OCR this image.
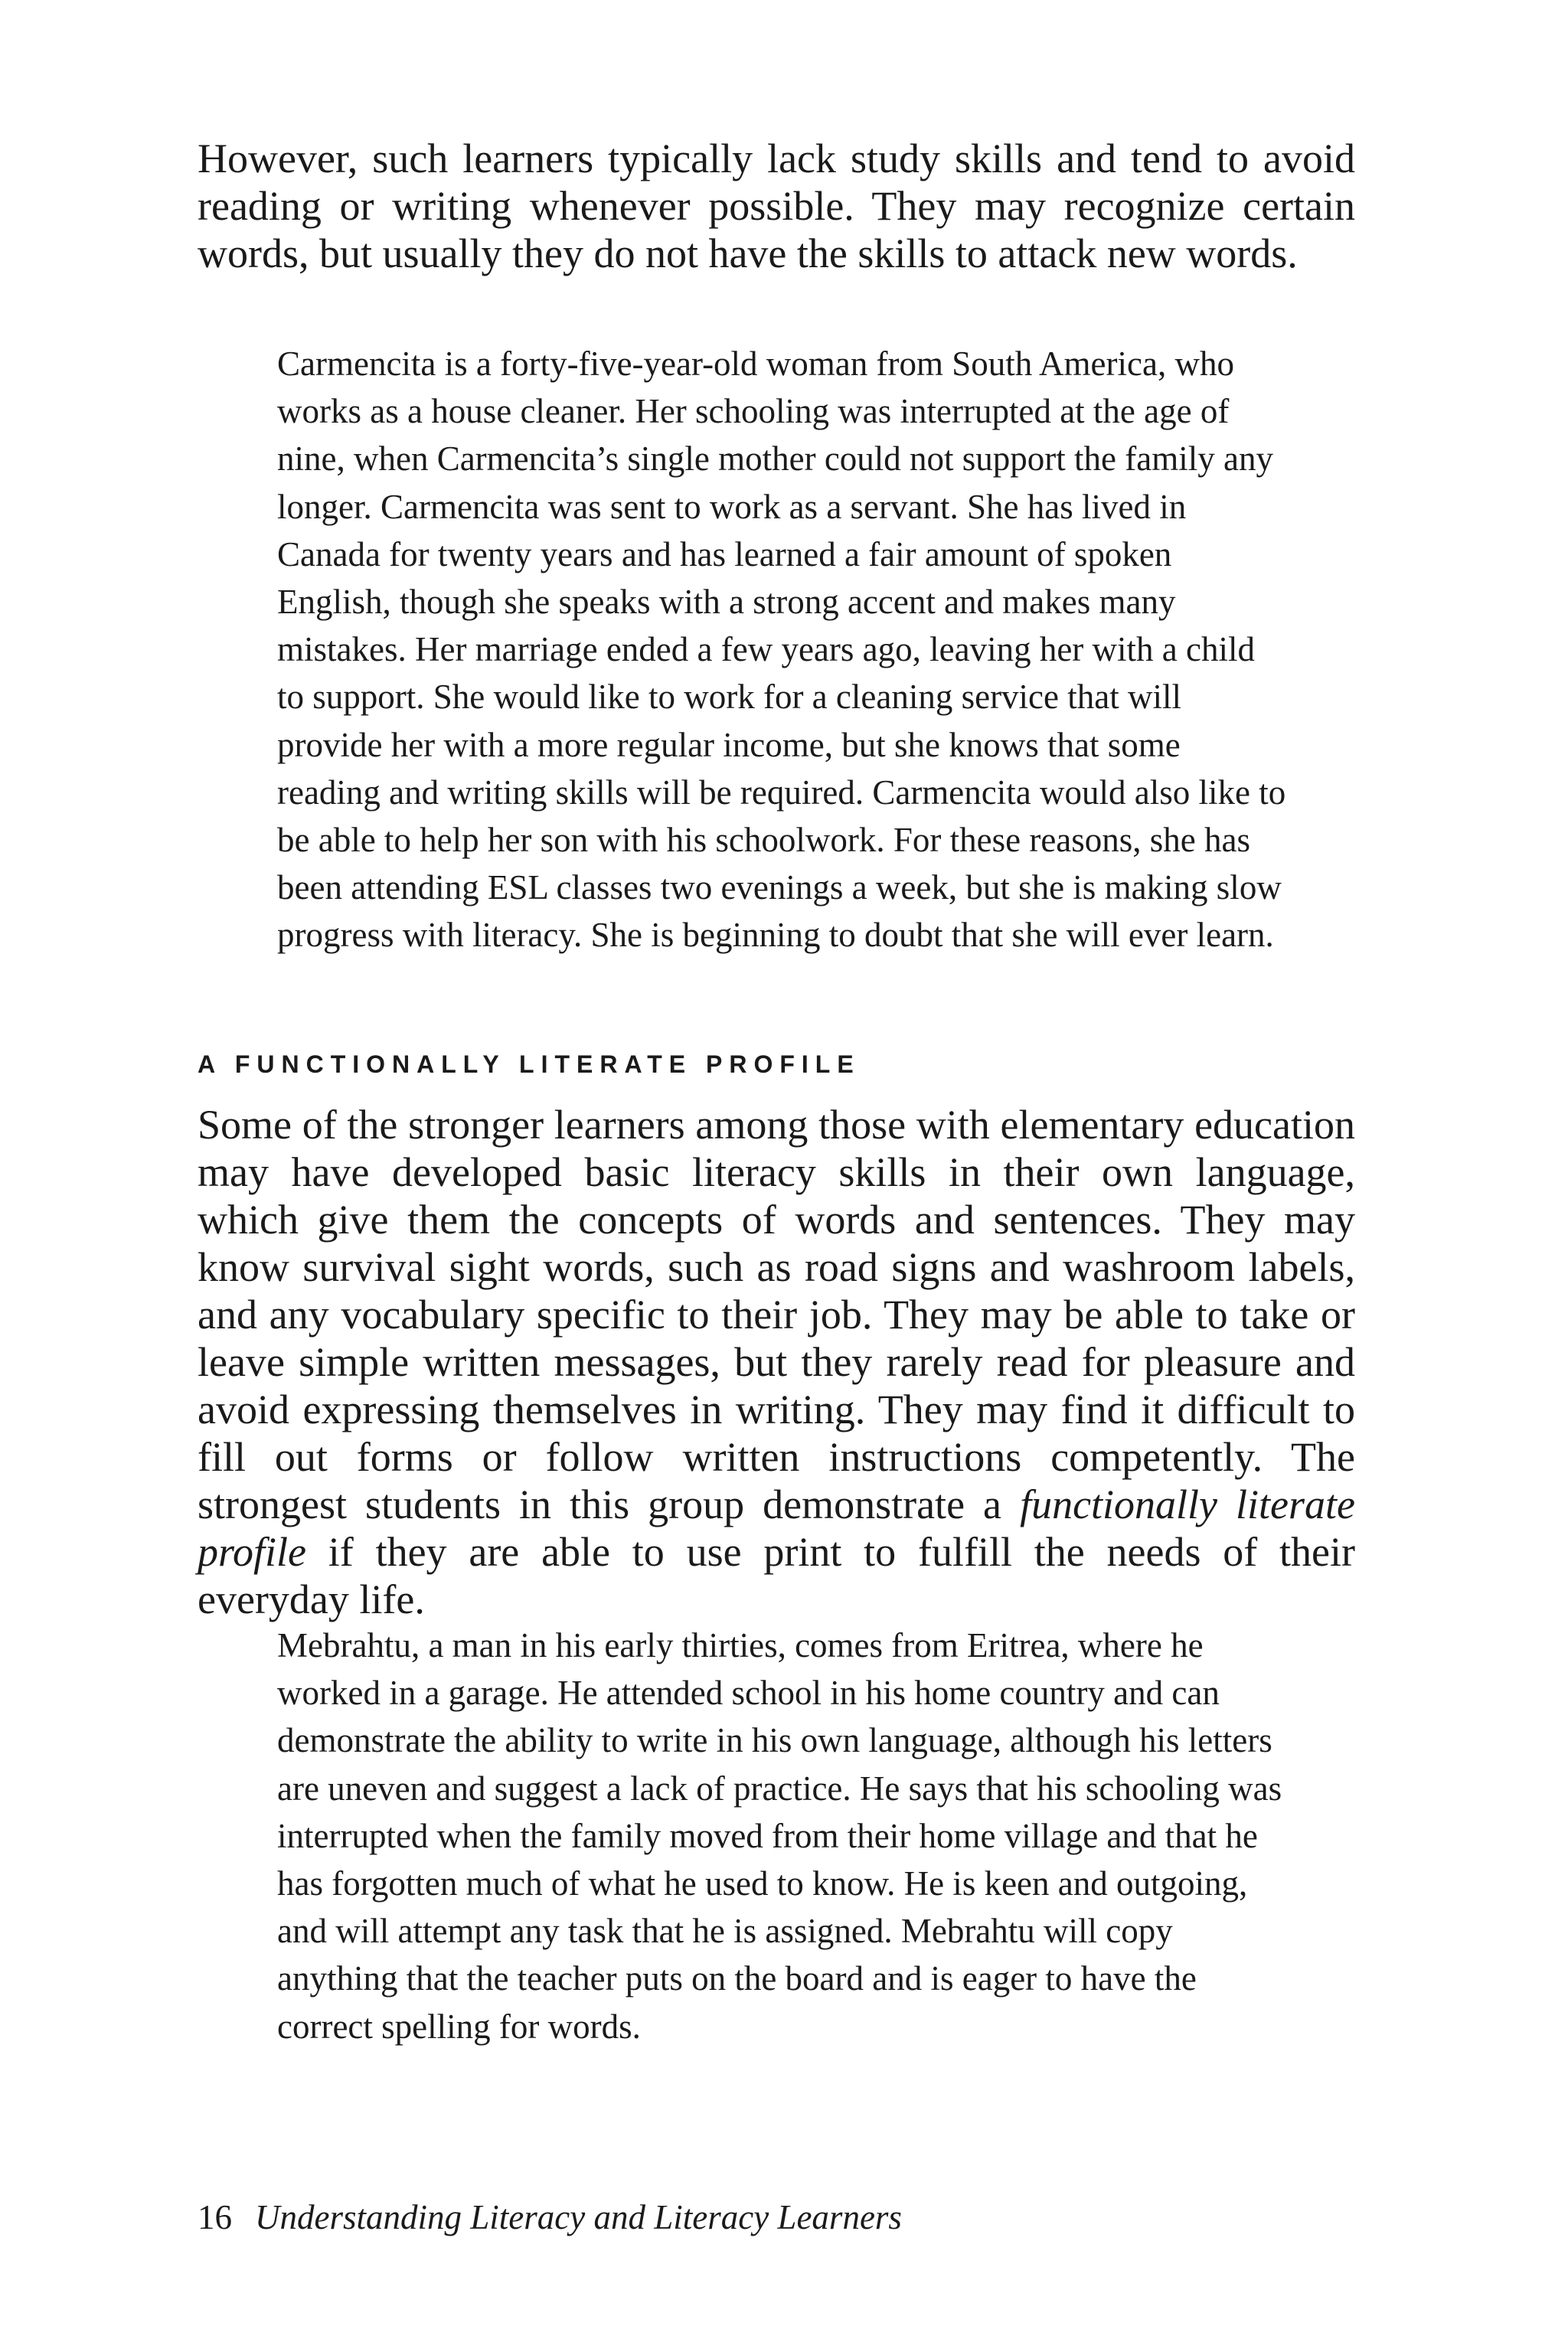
However, such learners typically lack study skills and tend to avoid reading or writing whenever possible. They may recognize certain words, but usually they do not have the skills to attack new words.

Carmencita is a forty-five-year-old woman from South America, who works as a house cleaner. Her schooling was interrupted at the age of nine, when Carmencita’s single mother could not support the family any longer. Carmencita was sent to work as a servant. She has lived in Canada for twenty years and has learned a fair amount of spoken English, though she speaks with a strong accent and makes many mistakes. Her marriage ended a few years ago, leaving her with a child to support. She would like to work for a cleaning service that will provide her with a more regular income, but she knows that some reading and writing skills will be required. Carmencita would also like to be able to help her son with his schoolwork. For these reasons, she has been attending ESL classes two evenings a week, but she is making slow progress with literacy. She is beginning to doubt that she will ever learn.

A FUNCTIONALLY LITERATE PROFILE

Some of the stronger learners among those with elementary education may have developed basic literacy skills in their own language, which give them the concepts of words and sentences. They may know survival sight words, such as road signs and washroom labels, and any vocabulary specific to their job. They may be able to take or leave simple written messages, but they rarely read for pleasure and avoid expressing themselves in writing. They may find it difficult to fill out forms or follow written instructions competently. The strongest students in this group demonstrate a functionally literate profile if they are able to use print to fulfill the needs of their everyday life.

Mebrahtu, a man in his early thirties, comes from Eritrea, where he worked in a garage. He attended school in his home country and can demonstrate the ability to write in his own language, although his letters are uneven and suggest a lack of practice. He says that his schooling was interrupted when the family moved from their home village and that he has forgotten much of what he used to know. He is keen and outgoing, and will attempt any task that he is assigned. Mebrahtu will copy anything that the teacher puts on the board and is eager to have the correct spelling for words.

16 Understanding Literacy and Literacy Learners
